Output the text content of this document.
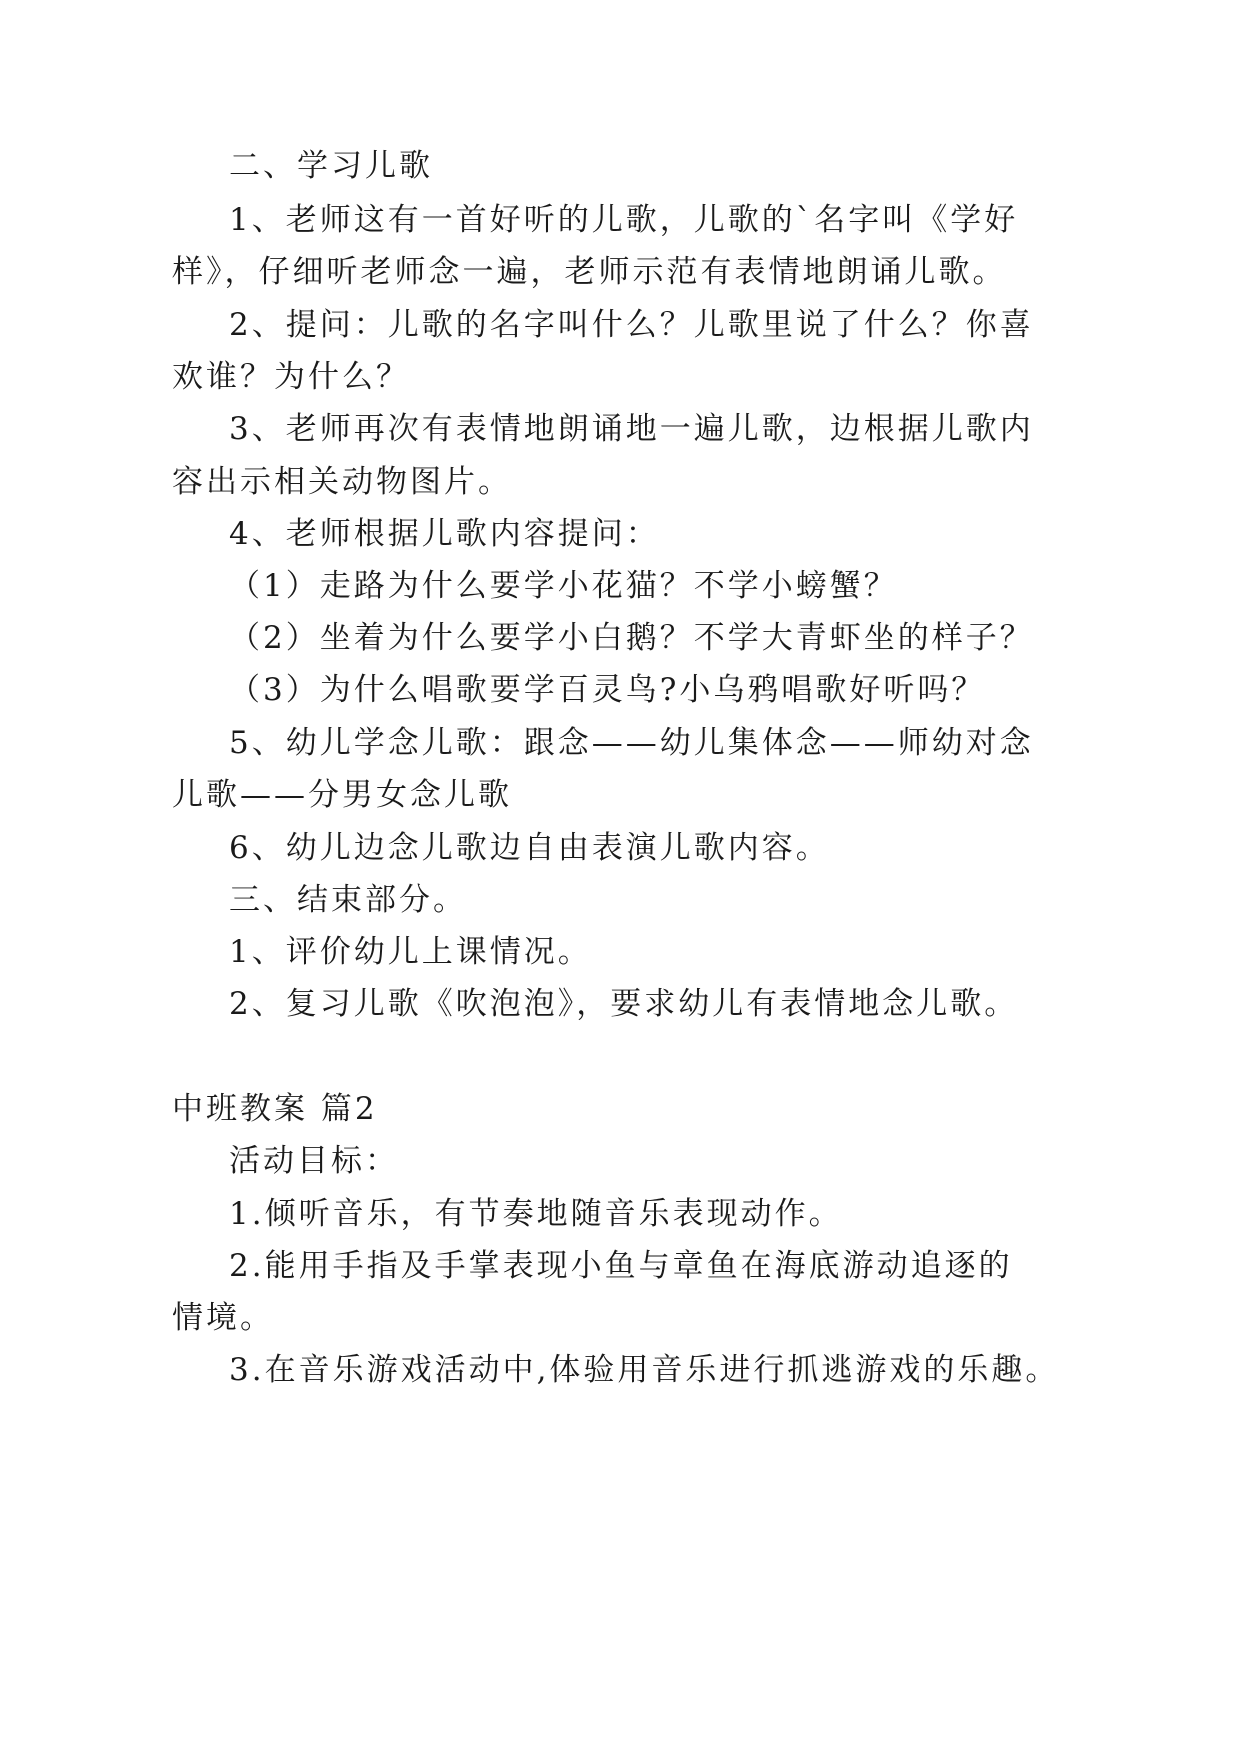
二、学习儿歌
1、老师这有一首好听的儿歌，儿歌的`名字叫《学好
样》，仔细听老师念一遍，老师示范有表情地朗诵儿歌。
2、提问：儿歌的名字叫什么？儿歌里说了什么？你喜
欢谁？为什么？
3、老师再次有表情地朗诵地一遍儿歌，边根据儿歌内
容出示相关动物图片。
4、老师根据儿歌内容提问：
（1）走路为什么要学小花猫？不学小螃蟹？
（2）坐着为什么要学小白鹅？不学大青虾坐的样子？
（3）为什么唱歌要学百灵鸟?小乌鸦唱歌好听吗？
5、幼儿学念儿歌：跟念——幼儿集体念——师幼对念
儿歌——分男女念儿歌
6、幼儿边念儿歌边自由表演儿歌内容。
三、结束部分。
1、评价幼儿上课情况。
2、复习儿歌《吹泡泡》，要求幼儿有表情地念儿歌。
中班教案 篇2
活动目标：
1.倾听音乐，有节奏地随音乐表现动作。
2.能用手指及手掌表现小鱼与章鱼在海底游动追逐的
情境。
3.在音乐游戏活动中,体验用音乐进行抓逃游戏的乐趣。
